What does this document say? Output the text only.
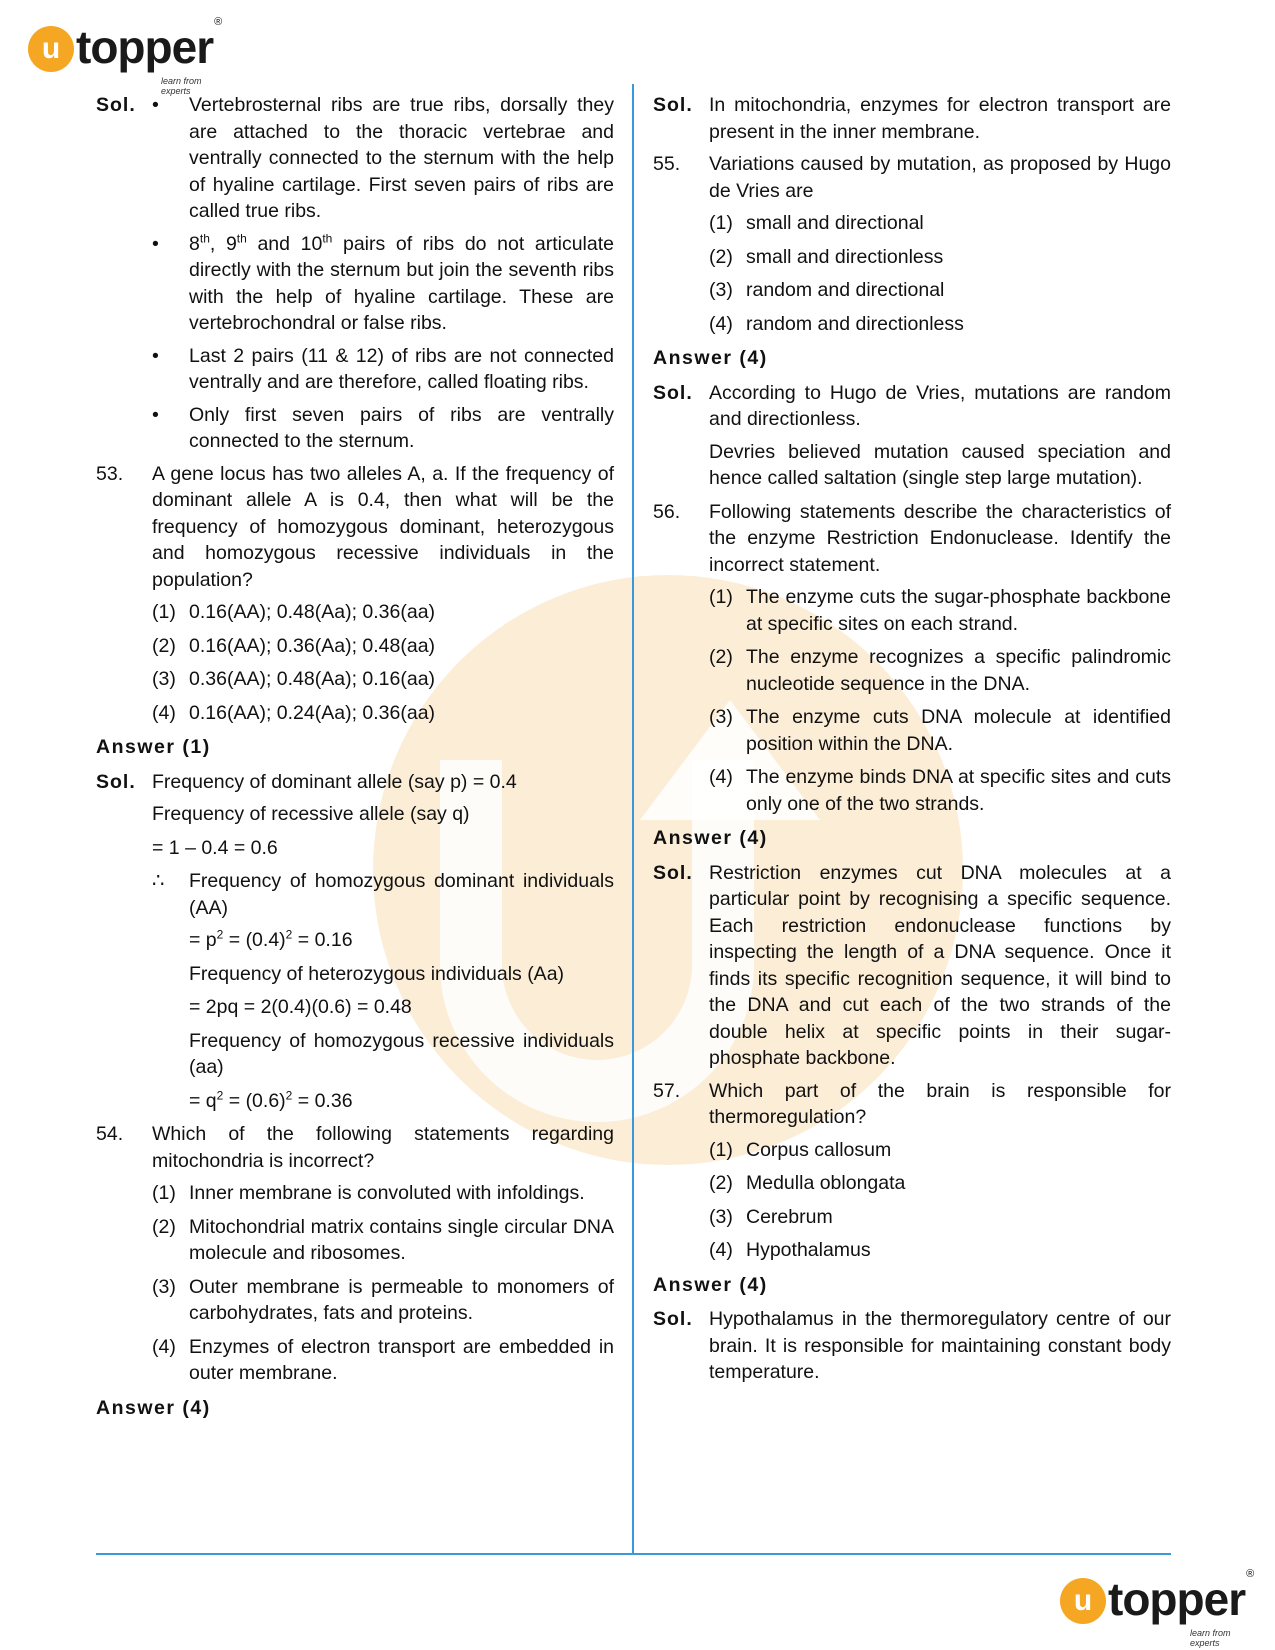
u topper ®
learn from experts
Sol. •	Vertebrosternal ribs are true ribs, dorsally they are attached to the thoracic vertebrae and ventrally connected to the sternum with the help of hyaline cartilage. First seven pairs of ribs are called true ribs.
•	8th, 9th and 10th pairs of ribs do not articulate directly with the sternum but join the seventh ribs with the help of hyaline cartilage. These are vertebrochondral or false ribs.
•	Last 2 pairs (11 & 12) of ribs are not connected ventrally and are therefore, called floating ribs.
•	Only first seven pairs of ribs are ventrally connected to the sternum.
53.	A gene locus has two alleles A, a. If the frequency of dominant allele A is 0.4, then what will be the frequency of homozygous dominant, heterozygous and homozygous recessive individuals in the population?
(1) 0.16(AA); 0.48(Aa); 0.36(aa)
(2) 0.16(AA); 0.36(Aa); 0.48(aa)
(3) 0.36(AA); 0.48(Aa); 0.16(aa)
(4) 0.16(AA); 0.24(Aa); 0.36(aa)
Answer (1)
Sol. Frequency of dominant allele (say p) = 0.4
Frequency of recessive allele (say q)
= 1 – 0.4 = 0.6
∴	Frequency of homozygous dominant individuals (AA)
= $p^2 = (0.4)^2 = 0.16$
Frequency of heterozygous individuals (Aa)
= 2pq = 2(0.4)(0.6) = 0.48
Frequency of homozygous recessive individuals (aa)
= $q^2 = (0.6)^2 = 0.36$
54.	Which of the following statements regarding mitochondria is incorrect?
(1) Inner membrane is convoluted with infoldings.
(2) Mitochondrial matrix contains single circular DNA molecule and ribosomes.
(3) Outer membrane is permeable to monomers of carbohydrates, fats and proteins.
(4) Enzymes of electron transport are embedded in outer membrane.
Answer (4)
Sol. In mitochondria, enzymes for electron transport are present in the inner membrane.
55.	Variations caused by mutation, as proposed by Hugo de Vries are
(1) small and directional
(2) small and directionless
(3) random and directional
(4) random and directionless
Answer (4)
Sol. According to Hugo de Vries, mutations are random and directionless.
Devries believed mutation caused speciation and hence called saltation (single step large mutation).
56.	Following statements describe the characteristics of the enzyme Restriction Endonuclease. Identify the incorrect statement.
(1) The enzyme cuts the sugar-phosphate backbone at specific sites on each strand.
(2) The enzyme recognizes a specific palindromic nucleotide sequence in the DNA.
(3) The enzyme cuts DNA molecule at identified position within the DNA.
(4) The enzyme binds DNA at specific sites and cuts only one of the two strands.
Answer (4)
Sol. Restriction enzymes cut DNA molecules at a particular point by recognising a specific sequence. Each restriction endonuclease functions by inspecting the length of a DNA sequence. Once it finds its specific recognition sequence, it will bind to the DNA and cut each of the two strands of the double helix at specific points in their sugar-phosphate backbone.
57.	Which part of the brain is responsible for thermoregulation?
(1) Corpus callosum
(2) Medulla oblongata
(3) Cerebrum
(4) Hypothalamus
Answer (4)
Sol. Hypothalamus in the thermoregulatory centre of our brain. It is responsible for maintaining constant body temperature.
u topper ®
learn from experts
